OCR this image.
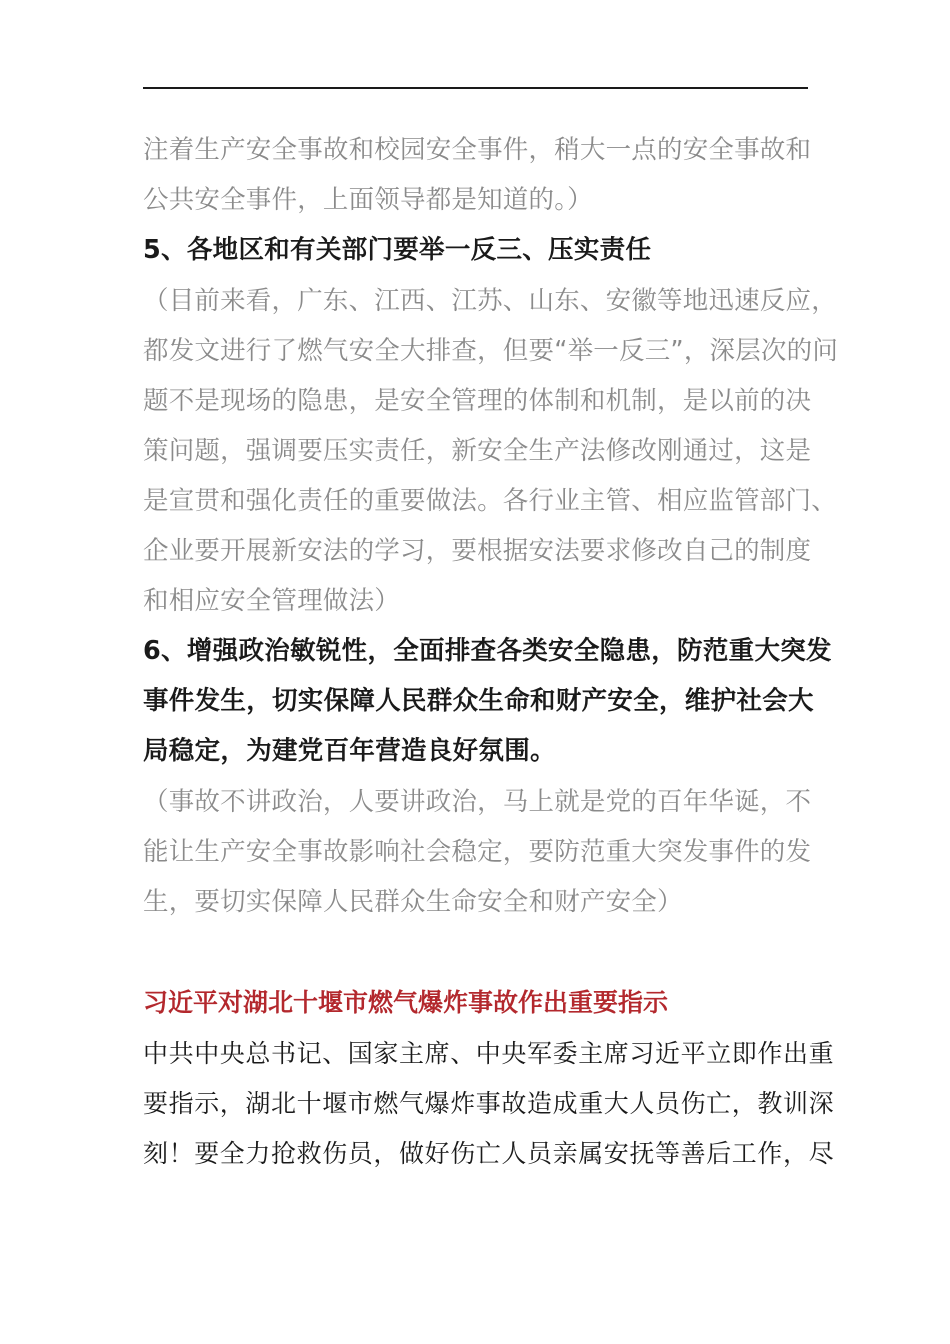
注着生产安全事故和校园安全事件，稍大一点的安全事故和
公共安全事件，上面领导都是知道的。）
5、各地区和有关部门要举一反三、压实责任
（目前来看，广东、江西、江苏、山东、安徽等地迅速反应，
都发文进行了燃气安全大排查，但要“举一反三”，深层次的问
题不是现场的隐患，是安全管理的体制和机制，是以前的决
策问题，强调要压实责任，新安全生产法修改刚通过，这是
是宣贯和强化责任的重要做法。各行业主管、相应监管部门、
企业要开展新安法的学习，要根据安法要求修改自己的制度
和相应安全管理做法）
6、增强政治敏锐性，全面排查各类安全隐患，防范重大突发
事件发生，切实保障人民群众生命和财产安全，维护社会大
局稳定，为建党百年营造良好氛围。
（事故不讲政治，人要讲政治，马上就是党的百年华诞，不
能让生产安全事故影响社会稳定，要防范重大突发事件的发
生，要切实保障人民群众生命安全和财产安全）
习近平对湖北十堰市燃气爆炸事故作出重要指示
中共中央总书记、国家主席、中央军委主席习近平立即作出重
要指示，湖北十堰市燃气爆炸事故造成重大人员伤亡，教训深
刻！要全力抢救伤员，做好伤亡人员亲属安抚等善后工作，尽
